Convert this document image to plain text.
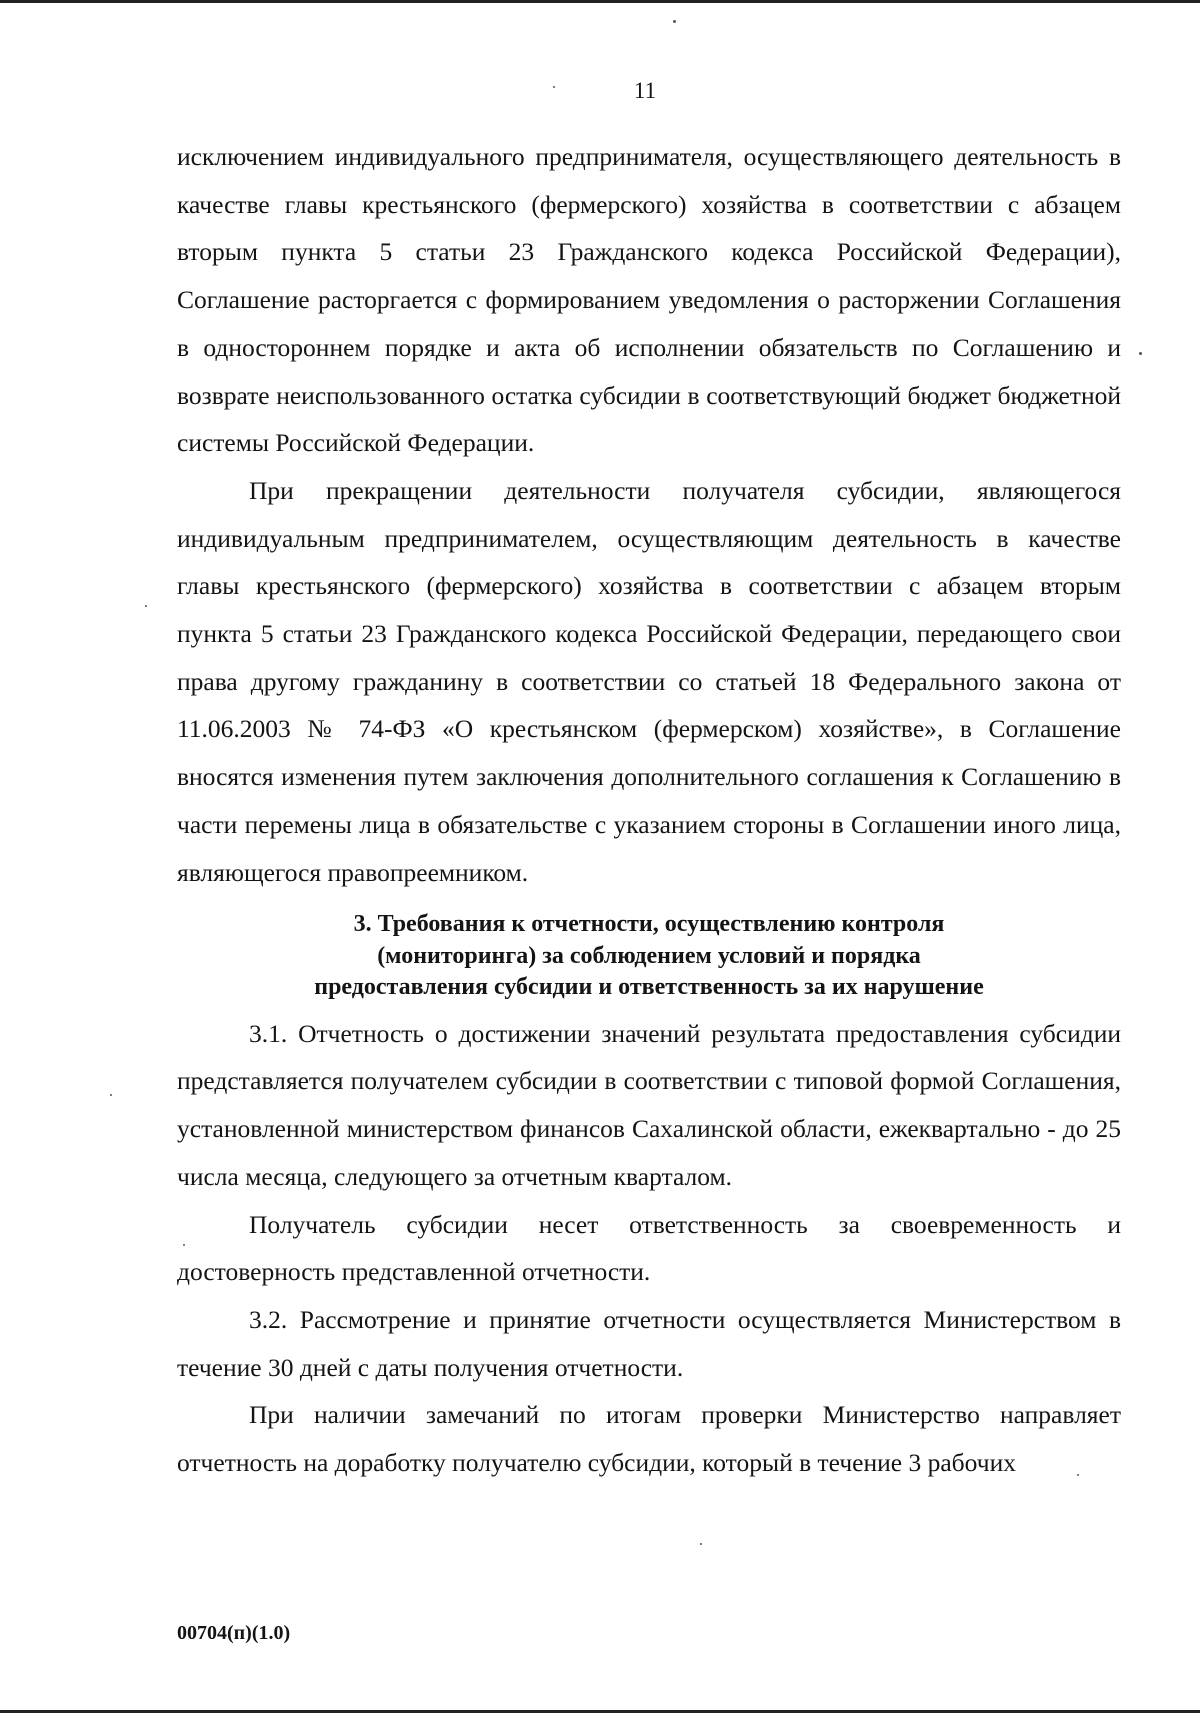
11

исключением индивидуального предпринимателя, осуществляющего деятельность в качестве главы крестьянского (фермерского) хозяйства в соответствии с абзацем вторым пункта 5 статьи 23 Гражданского кодекса Российской Федерации), Соглашение расторгается с формированием уведомления о расторжении Соглашения в одностороннем порядке и акта об исполнении обязательств по Соглашению и возврате неиспользованного остатка субсидии в соответствующий бюджет бюджетной системы Российской Федерации.

При прекращении деятельности получателя субсидии, являющегося индивидуальным предпринимателем, осуществляющим деятельность в качестве главы крестьянского (фермерского) хозяйства в соответствии с абзацем вторым пункта 5 статьи 23 Гражданского кодекса Российской Федерации, передающего свои права другому гражданину в соответствии со статьей 18 Федерального закона от 11.06.2003 № 74-ФЗ «О крестьянском (фермерском) хозяйстве», в Соглашение вносятся изменения путем заключения дополнительного соглашения к Соглашению в части перемены лица в обязательстве с указанием стороны в Соглашении иного лица, являющегося правопреемником.

3. Требования к отчетности, осуществлению контроля
(мониторинга) за соблюдением условий и порядка
предоставления субсидии и ответственность за их нарушение

3.1. Отчетность о достижении значений результата предоставления субсидии представляется получателем субсидии в соответствии с типовой формой Соглашения, установленной министерством финансов Сахалинской области, ежеквартально - до 25 числа месяца, следующего за отчетным кварталом.

Получатель субсидии несет ответственность за своевременность и достоверность представленной отчетности.

3.2. Рассмотрение и принятие отчетности осуществляется Министерством в течение 30 дней с даты получения отчетности.

При наличии замечаний по итогам проверки Министерство направляет отчетность на доработку получателю субсидии, который в течение 3 рабочих

00704(п)(1.0)
